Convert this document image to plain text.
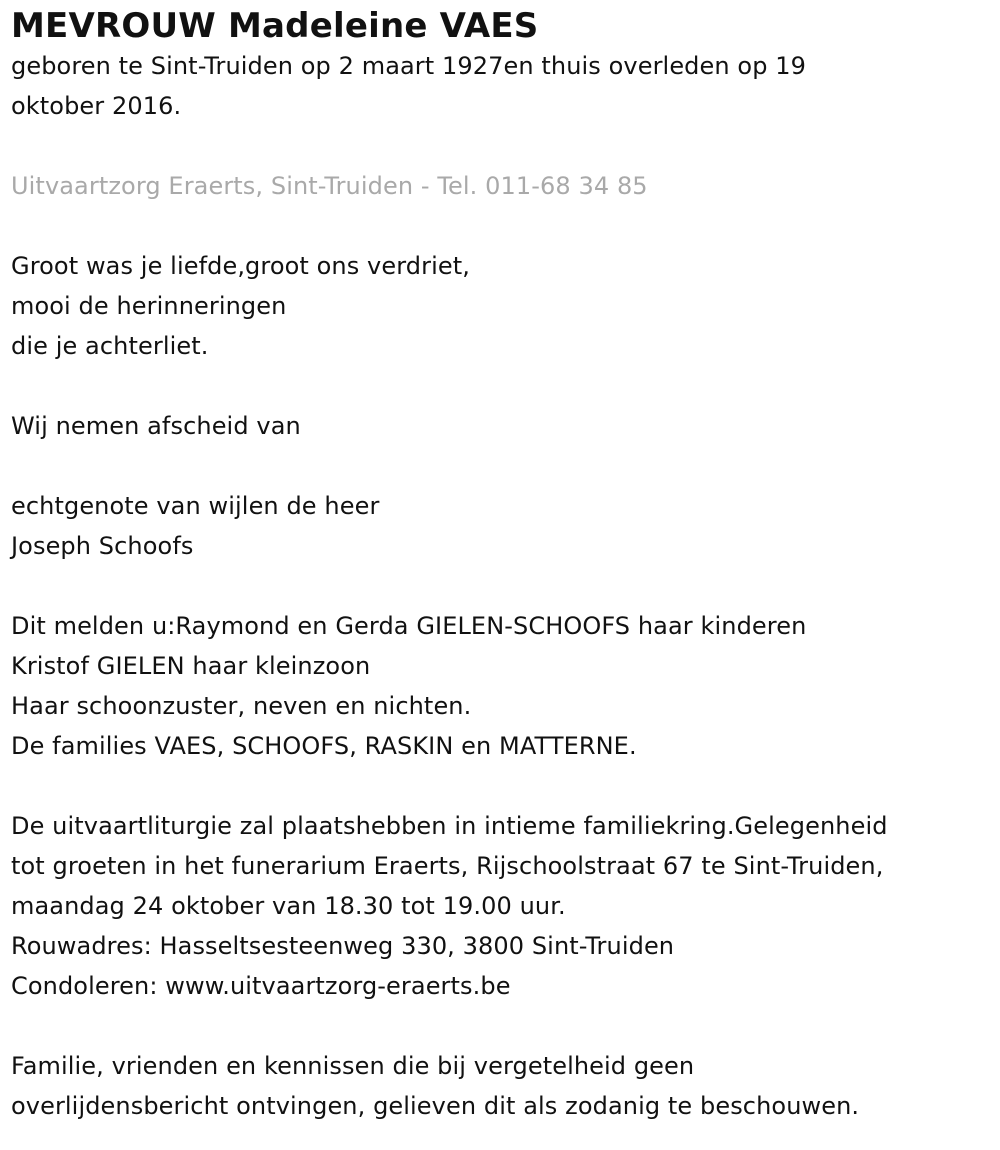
MEVROUW Madeleine VAES
geboren te Sint-Truiden op 2 maart 1927en thuis overleden op 19
oktober 2016.
Uitvaartzorg Eraerts, Sint-Truiden - Tel. 011-68 34 85
Groot was je liefde,groot ons verdriet,
mooi de herinneringen
die je achterliet.
Wij nemen afscheid van
echtgenote van wijlen de heer
Joseph Schoofs
Dit melden u:Raymond en Gerda GIELEN-SCHOOFS haar kinderen
Kristof GIELEN haar kleinzoon
Haar schoonzuster, neven en nichten.
De families VAES, SCHOOFS, RASKIN en MATTERNE.
De uitvaartliturgie zal plaatshebben in intieme familiekring.Gelegenheid
tot groeten in het funerarium Eraerts, Rijschoolstraat 67 te Sint-Truiden,
maandag 24 oktober van 18.30 tot 19.00 uur.
Rouwadres: Hasseltsesteenweg 330, 3800 Sint-Truiden
Condoleren: www.uitvaartzorg-eraerts.be
Familie, vrienden en kennissen die bij vergetelheid geen
overlijdensbericht ontvingen, gelieven dit als zodanig te beschouwen.
